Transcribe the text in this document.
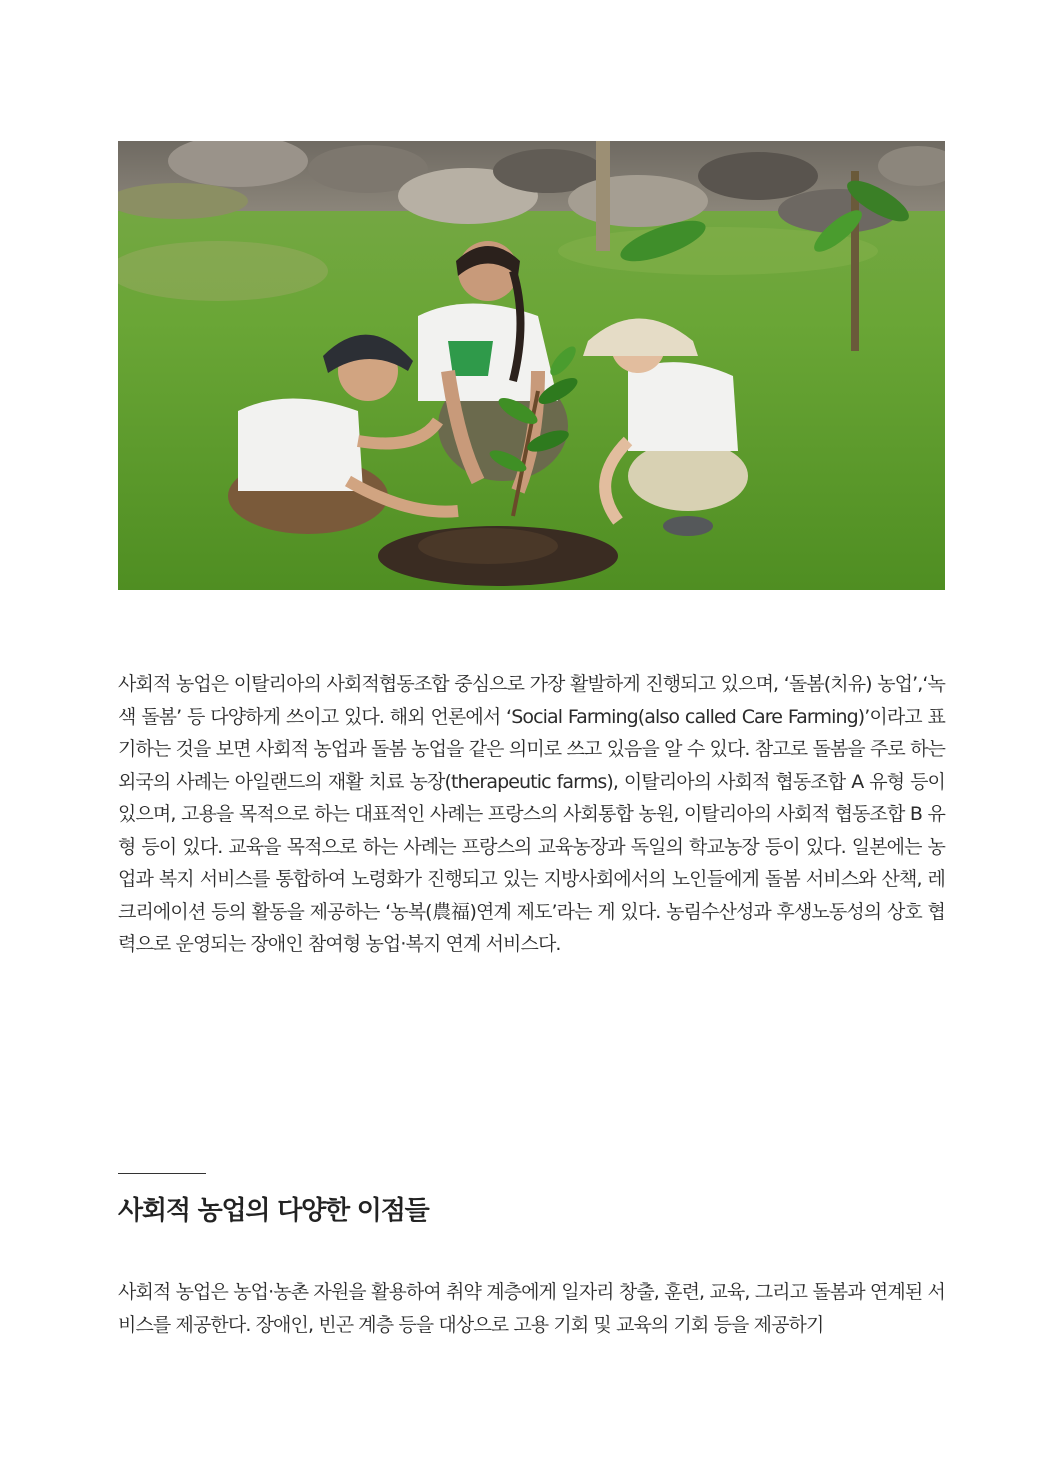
사회적 농업은 이탈리아의 사회적협동조합 중심으로 가장 활발하게 진행되고 있으며, ‘돌봄(치유) 농업’,‘녹색 돌봄’ 등 다양하게 쓰이고 있다. 해외 언론에서 ‘Social Farming(also called Care Farming)’이라고 표기하는 것을 보면 사회적 농업과 돌봄 농업을 같은 의미로 쓰고 있음을 알 수 있다. 참고로 돌봄을 주로 하는 외국의 사례는 아일랜드의 재활 치료 농장(therapeutic farms), 이탈리아의 사회적 협동조합 A 유형 등이 있으며, 고용을 목적으로 하는 대표적인 사례는 프랑스의 사회통합 농원, 이탈리아의 사회적 협동조합 B 유형 등이 있다. 교육을 목적으로 하는 사례는 프랑스의 교육농장과 독일의 학교농장 등이 있다. 일본에는 농업과 복지 서비스를 통합하여 노령화가 진행되고 있는 지방사회에서의 노인들에게 돌봄 서비스와 산책, 레크리에이션 등의 활동을 제공하는 ‘농복(農福)연계 제도’라는 게 있다. 농림수산성과 후생노동성의 상호 협력으로 운영되는 장애인 참여형 농업·복지 연계 서비스다.

사회적 농업의 다양한 이점들

사회적 농업은 농업·농촌 자원을 활용하여 취약 계층에게 일자리 창출, 훈련, 교육, 그리고 돌봄과 연계된 서비스를 제공한다. 장애인, 빈곤 계층 등을 대상으로 고용 기회 및 교육의 기회 등을 제공하기
